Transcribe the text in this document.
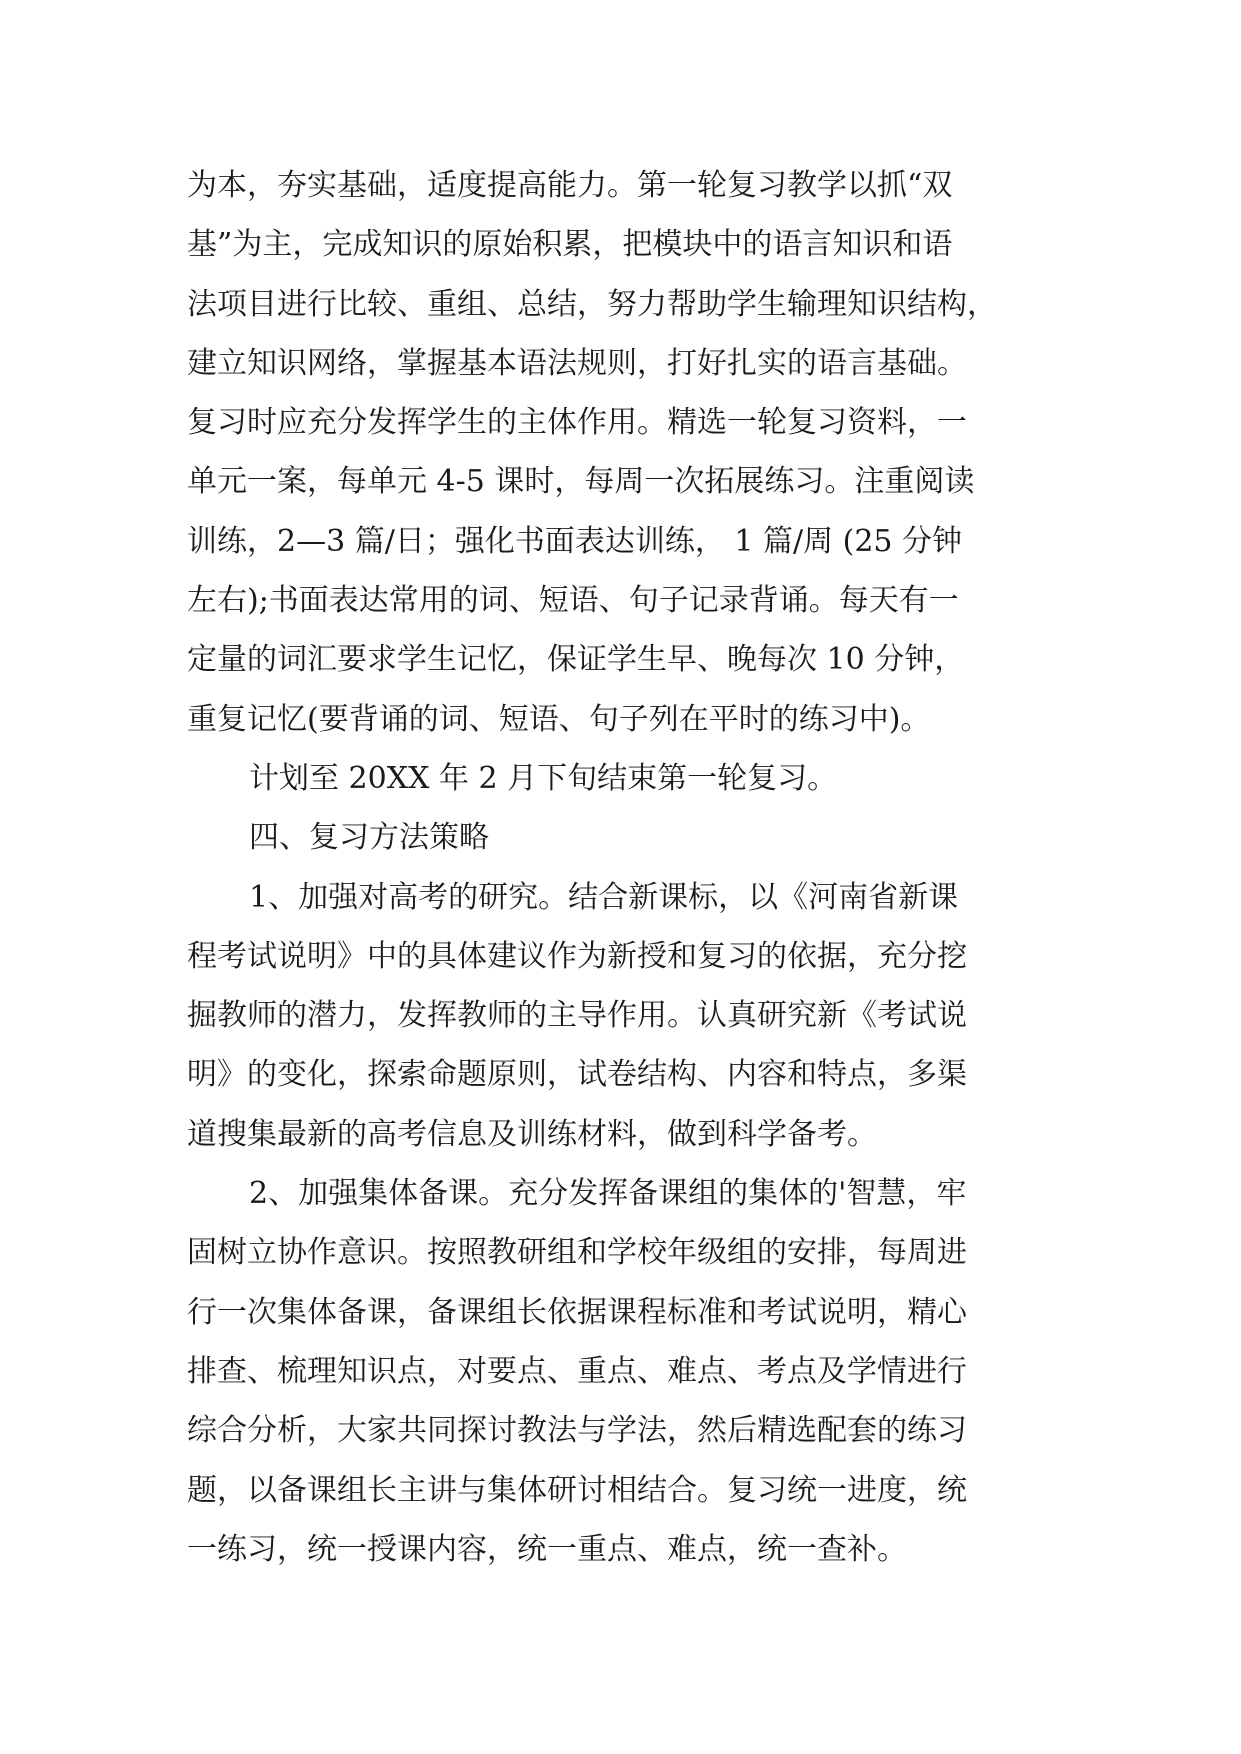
为本，夯实基础，适度提高能力。第一轮复习教学以抓“双
基”为主，完成知识的原始积累，把模块中的语言知识和语
法项目进行比较、重组、总结，努力帮助学生输理知识结构，
建立知识网络，掌握基本语法规则，打好扎实的语言基础。
复习时应充分发挥学生的主体作用。精选一轮复习资料，一
单元一案，每单元 4-5 课时，每周一次拓展练习。注重阅读
训练，2—3 篇/日；强化书面表达训练， 1 篇/周 (25 分钟
左右);书面表达常用的词、短语、句子记录背诵。每天有一
定量的词汇要求学生记忆，保证学生早、晚每次 10 分钟，
重复记忆(要背诵的词、短语、句子列在平时的练习中)。
计划至 20XX 年 2 月下旬结束第一轮复习。
四、复习方法策略
1、加强对高考的研究。结合新课标，以《河南省新课
程考试说明》中的具体建议作为新授和复习的依据，充分挖
掘教师的潜力，发挥教师的主导作用。认真研究新《考试说
明》的变化，探索命题原则，试卷结构、内容和特点，多渠
道搜集最新的高考信息及训练材料，做到科学备考。
2、加强集体备课。充分发挥备课组的集体的'智慧，牢
固树立协作意识。按照教研组和学校年级组的安排，每周进
行一次集体备课，备课组长依据课程标准和考试说明，精心
排查、梳理知识点，对要点、重点、难点、考点及学情进行
综合分析，大家共同探讨教法与学法，然后精选配套的练习
题，以备课组长主讲与集体研讨相结合。复习统一进度，统
一练习，统一授课内容，统一重点、难点，统一查补。
